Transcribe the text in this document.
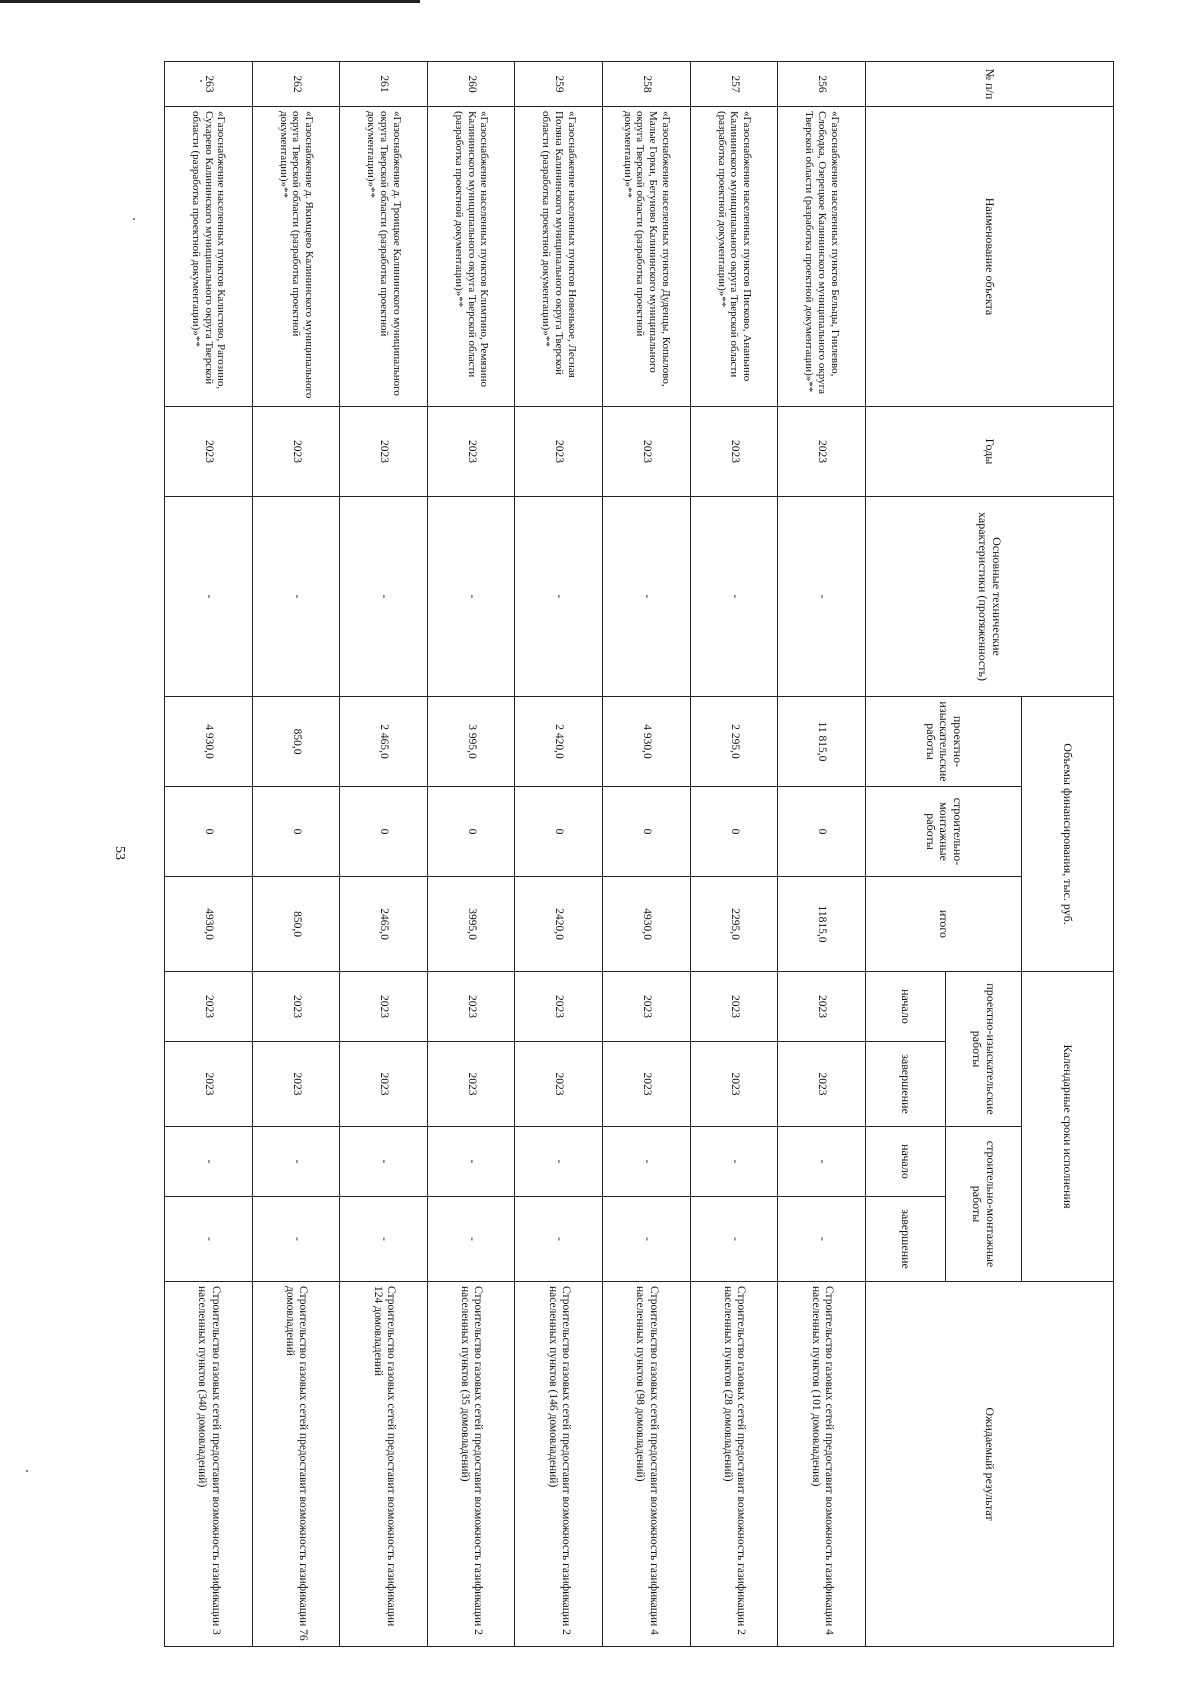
53
№ п/п	Наименование объекта	Годы	Основные технические характеристики (протяженность)	Объемы финансирования, тыс. руб.			Календарные сроки исполнения				Ожидаемый результат
				проектно-изыскательские работы	строительно-монтажные работы	итого	проектно-изыскательские работы		строительно-монтажные работы		
							начало	завершение	начало	завершение	
256	«Газоснабжение населенных пунктов Бельцы, Гнилевво, Слободка, Озерецкое Калининского муниципального округа Тверской области (разработка проектной документации)»**	2023	-	11 815,0	0	11815,0	2023	2023	-	-	Строительство газовых сетей предоставит возможность газификации 4 населенных пунктов (101 домовладения)
257	«Газоснабжение населенных пунктов Писково, Ананьино Калининского муниципального округа Тверской области (разработка проектной документации)»**	2023	-	2 295,0	0	2295,0	2023	2023	-	-	Строительство газовых сетей предоставит возможность газификации 2 населенных пунктов (28 домовладений)
258	«Газоснабжение населенных пунктов Дуденцы, Копылово, Малые Горки, Бегуново Калининского муниципального округа Тверской области (разработка проектной документации)»**	2023	-	4 930,0	0	4930,0	2023	2023	-	-	Строительство газовых сетей предоставит возможность газификации 4 населенных пунктов (98 домовладений)
259	«Газоснабжение населенных пунктов Новенькое, Лесная Поляна Калининского муниципального округа Тверской области (разработка проектной документации)»**	2023	-	2 420,0	0	2420,0	2023	2023	-	-	Строительство газовых сетей предоставит возможность газификации 2 населенных пунктов (146 домовладений)
260	«Газоснабжение населенных пунктов Климтино, Ремязино Калининского муниципального округа Тверской области (разработка проектной документации)»**	2023	-	3 995,0	0	3995,0	2023	2023	-	-	Строительство газовых сетей предоставит возможность газификации 2 населенных пунктов (35 домовладений)
261	«Газоснабжение д. Троицкое Калининского муниципального округа Тверской области (разработка проектной документации)»**	2023	-	2 465,0	0	2465,0	2023	2023	-	-	Строительство газовых сетей предоставит возможность газификации 124 домовладений
262	«Газоснабжение д. Якимцево Калининского муниципального округа Тверской области (разработка проектной документации)»**	2023	-	850,0	0	850,0	2023	2023	-	-	Строительство газовых сетей предоставит возможность газификации 76 домовладений
263	«Газоснабжение населенных пунктов Калистово, Рагозино, Сухарево Калининского муниципального округа Тверской области (разработка проектной документации)»**	2023	-	4 930,0	0	4930,0	2023	2023	-	-	Строительство газовых сетей предоставит возможность газификации 3 населенных пунктов (340 домовладений)
